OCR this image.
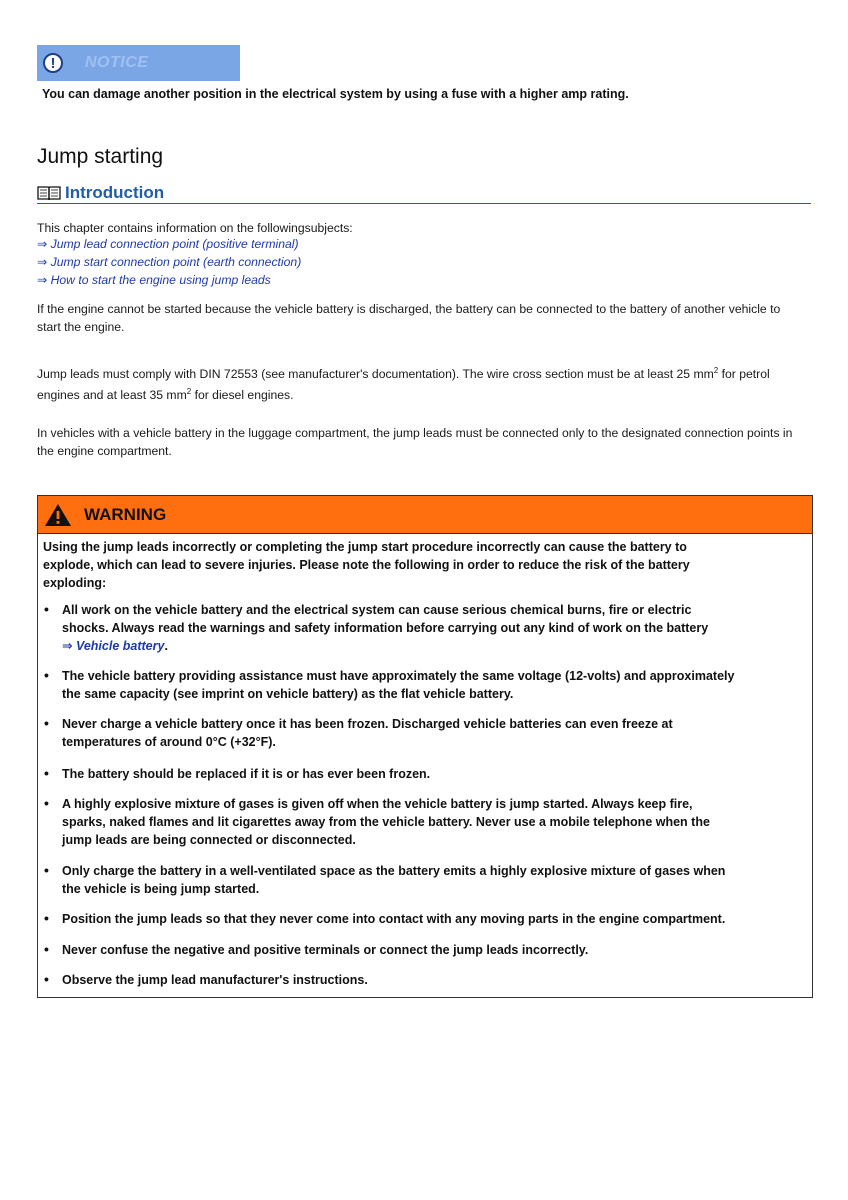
!	NOTICE
You can damage another position in the electrical system by using a fuse with a higher amp rating.
Jump starting
Introduction
This chapter contains information on the followingsubjects:
⇒ Jump lead connection point (positive terminal)
⇒ Jump start connection point (earth connection)
⇒ How to start the engine using jump leads
If the engine cannot be started because the vehicle battery is discharged, the battery can be connected to the battery of another vehicle to
start the engine.
Jump leads must comply with DIN 72553 (see manufacturer's documentation). The wire cross section must be at least 25 $mm^2$ for petrol
engines and at least 35 $mm^2$ for diesel engines.
In vehicles with a vehicle battery in the luggage compartment, the jump leads must be connected only to the designated connection points in
the engine compartment.
WARNING
Using the jump leads incorrectly or completing the jump start procedure incorrectly can cause the battery to
explode, which can lead to severe injuries. Please note the following in order to reduce the risk of the battery
exploding:
• All work on the vehicle battery and the electrical system can cause serious chemical burns, fire or electric
shocks. Always read the warnings and safety information before carrying out any kind of work on the battery
⇒ Vehicle battery.
• The vehicle battery providing assistance must have approximately the same voltage (12-volts) and approximately
the same capacity (see imprint on vehicle battery) as the flat vehicle battery.
• Never charge a vehicle battery once it has been frozen. Discharged vehicle batteries can even freeze at
temperatures of around 0°C (+32°F).
• The battery should be replaced if it is or has ever been frozen.
• A highly explosive mixture of gases is given off when the vehicle battery is jump started. Always keep fire,
sparks, naked flames and lit cigarettes away from the vehicle battery. Never use a mobile telephone when the
jump leads are being connected or disconnected.
• Only charge the battery in a well-ventilated space as the battery emits a highly explosive mixture of gases when
the vehicle is being jump started.
• Position the jump leads so that they never come into contact with any moving parts in the engine compartment.
• Never confuse the negative and positive terminals or connect the jump leads incorrectly.
• Observe the jump lead manufacturer's instructions.
